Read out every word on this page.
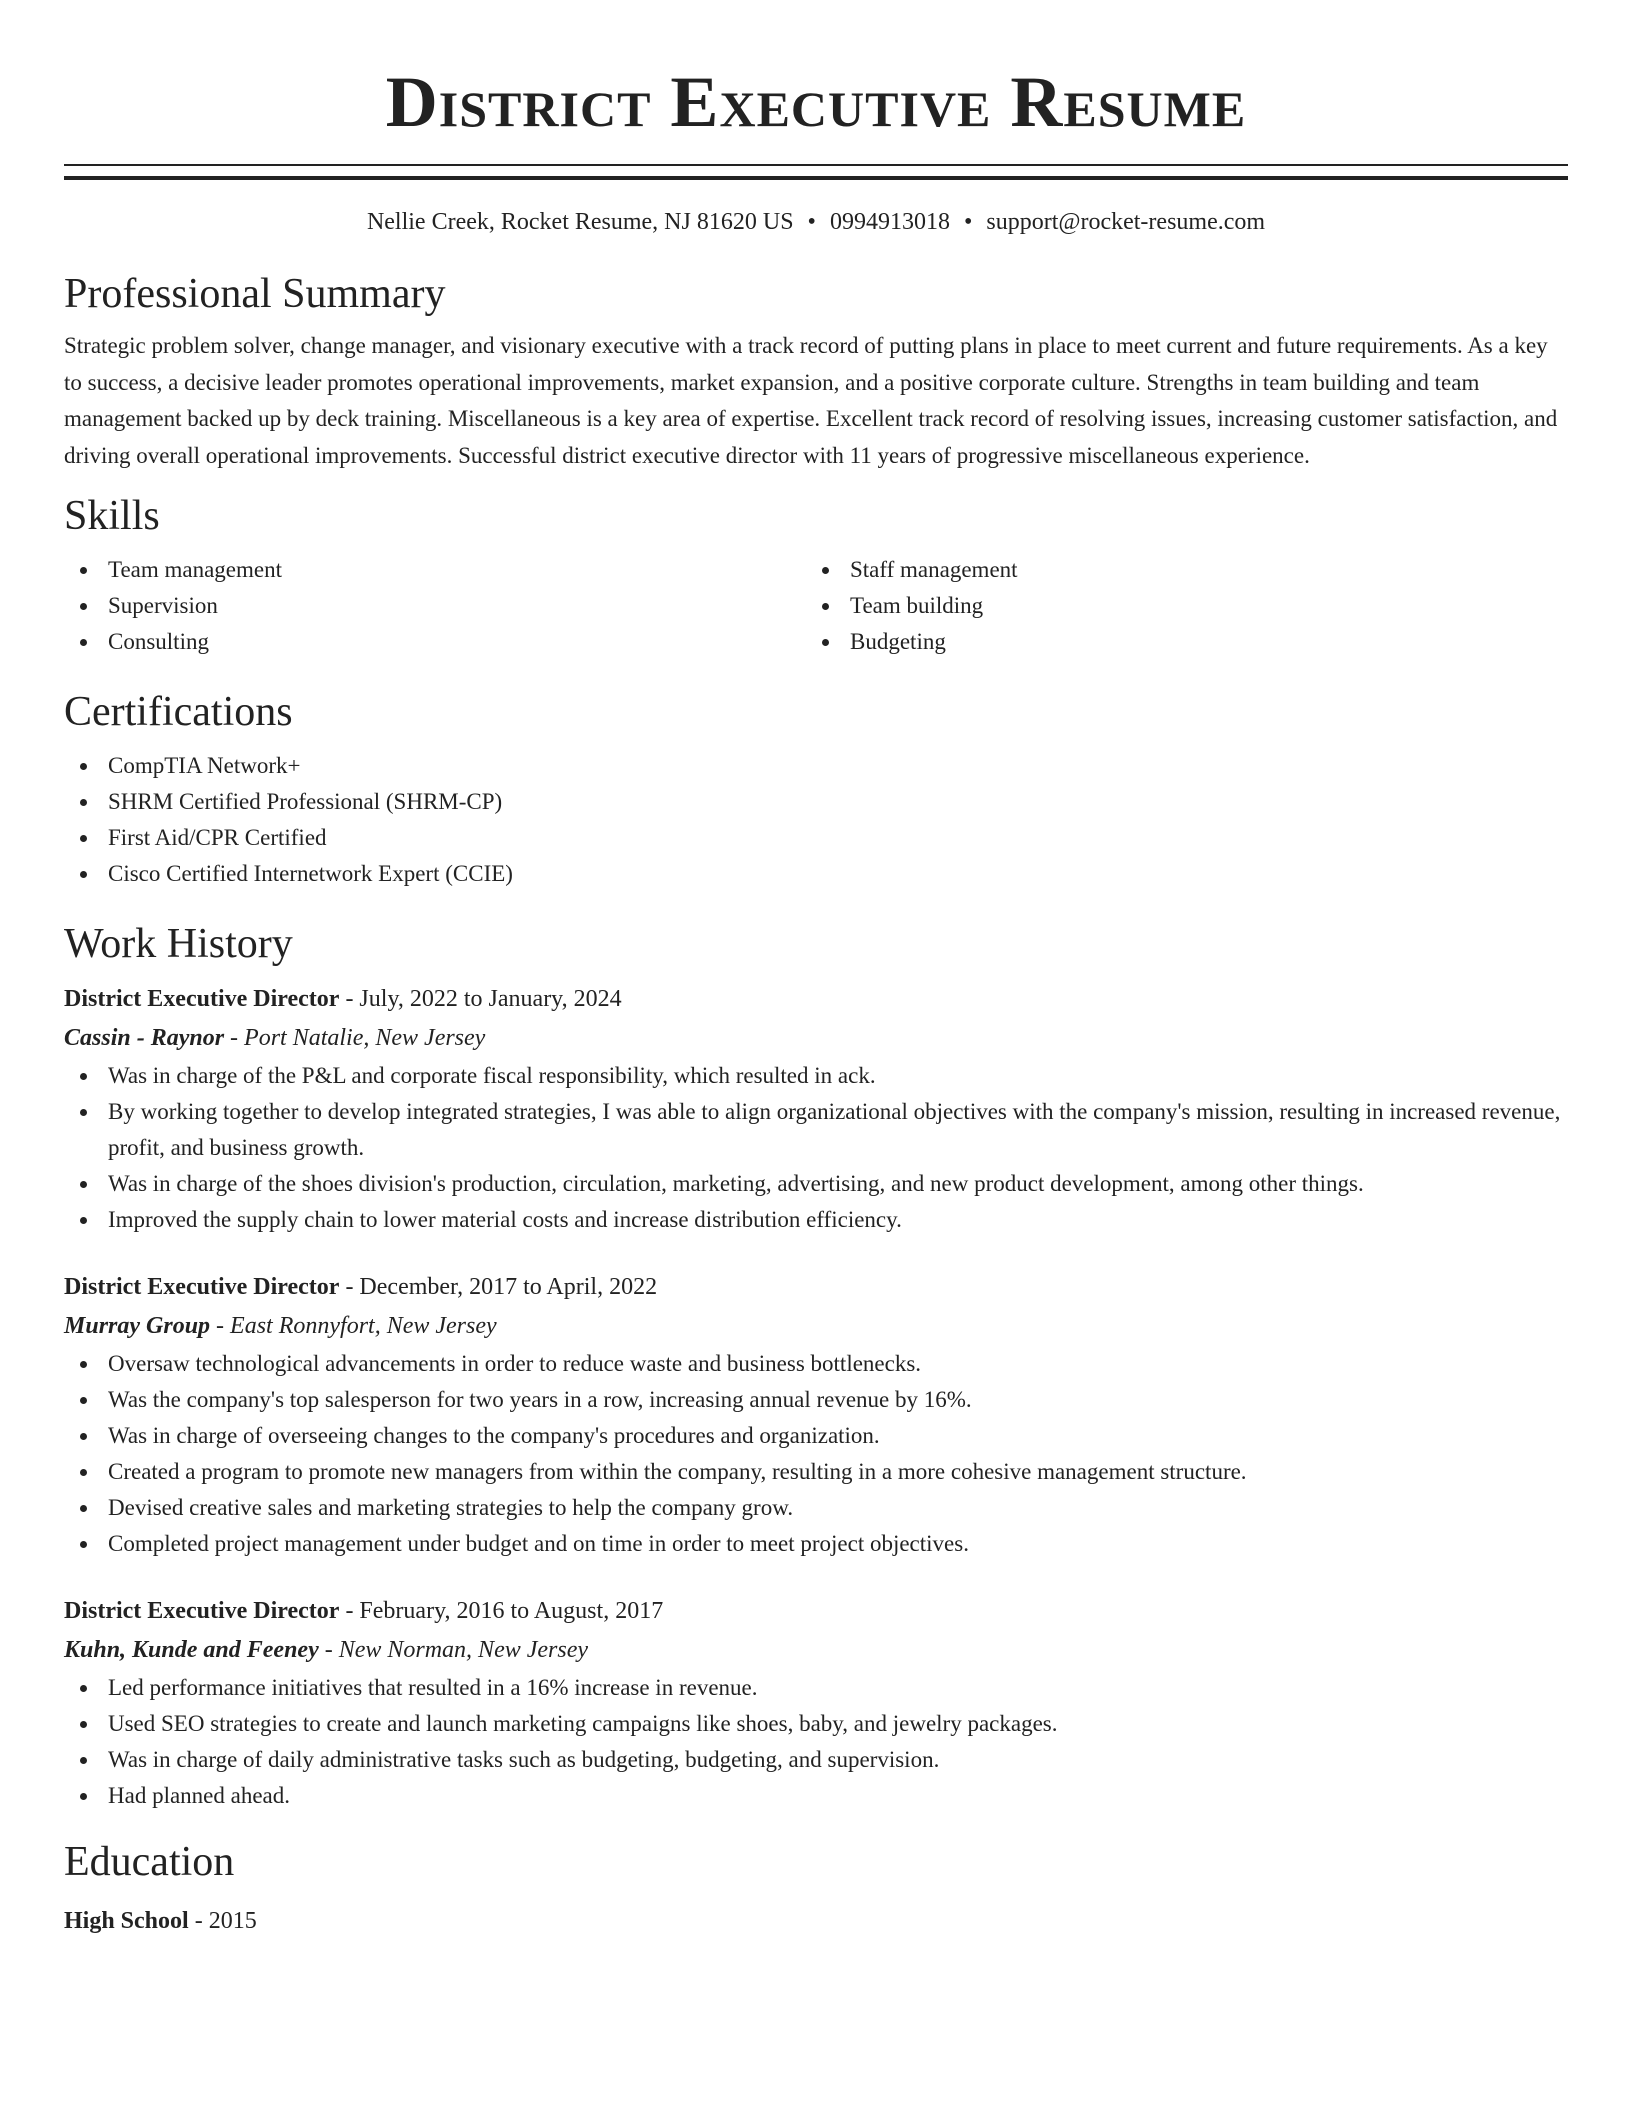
District Executive Resume
Nellie Creek, Rocket Resume, NJ 81620 US • 0994913018 • support@rocket-resume.com
Professional Summary

Strategic problem solver, change manager, and visionary executive with a track record of putting plans in place to meet current and future requirements. As a key to success, a decisive leader promotes operational improvements, market expansion, and a positive corporate culture. Strengths in team building and team management backed up by deck training. Miscellaneous is a key area of expertise. Excellent track record of resolving issues, increasing customer satisfaction, and driving overall operational improvements. Successful district executive director with 11 years of progressive miscellaneous experience.

Skills
Team management
Supervision
Consulting
Staff management
Team building
Budgeting
Certifications
CompTIA Network+
SHRM Certified Professional (SHRM-CP)
First Aid/CPR Certified
Cisco Certified Internetwork Expert (CCIE)
Work History
District Executive Director - July, 2022 to January, 2024
Cassin - Raynor - Port Natalie, New Jersey
Was in charge of the P&L and corporate fiscal responsibility, which resulted in ack.
By working together to develop integrated strategies, I was able to align organizational objectives with the company's mission, resulting in increased revenue, profit, and business growth.
Was in charge of the shoes division's production, circulation, marketing, advertising, and new product development, among other things.
Improved the supply chain to lower material costs and increase distribution efficiency.
District Executive Director - December, 2017 to April, 2022
Murray Group - East Ronnyfort, New Jersey
Oversaw technological advancements in order to reduce waste and business bottlenecks.
Was the company's top salesperson for two years in a row, increasing annual revenue by 16%.
Was in charge of overseeing changes to the company's procedures and organization.
Created a program to promote new managers from within the company, resulting in a more cohesive management structure.
Devised creative sales and marketing strategies to help the company grow.
Completed project management under budget and on time in order to meet project objectives.
District Executive Director - February, 2016 to August, 2017
Kuhn, Kunde and Feeney - New Norman, New Jersey
Led performance initiatives that resulted in a 16% increase in revenue.
Used SEO strategies to create and launch marketing campaigns like shoes, baby, and jewelry packages.
Was in charge of daily administrative tasks such as budgeting, budgeting, and supervision.
Had planned ahead.
Education
High School - 2015
